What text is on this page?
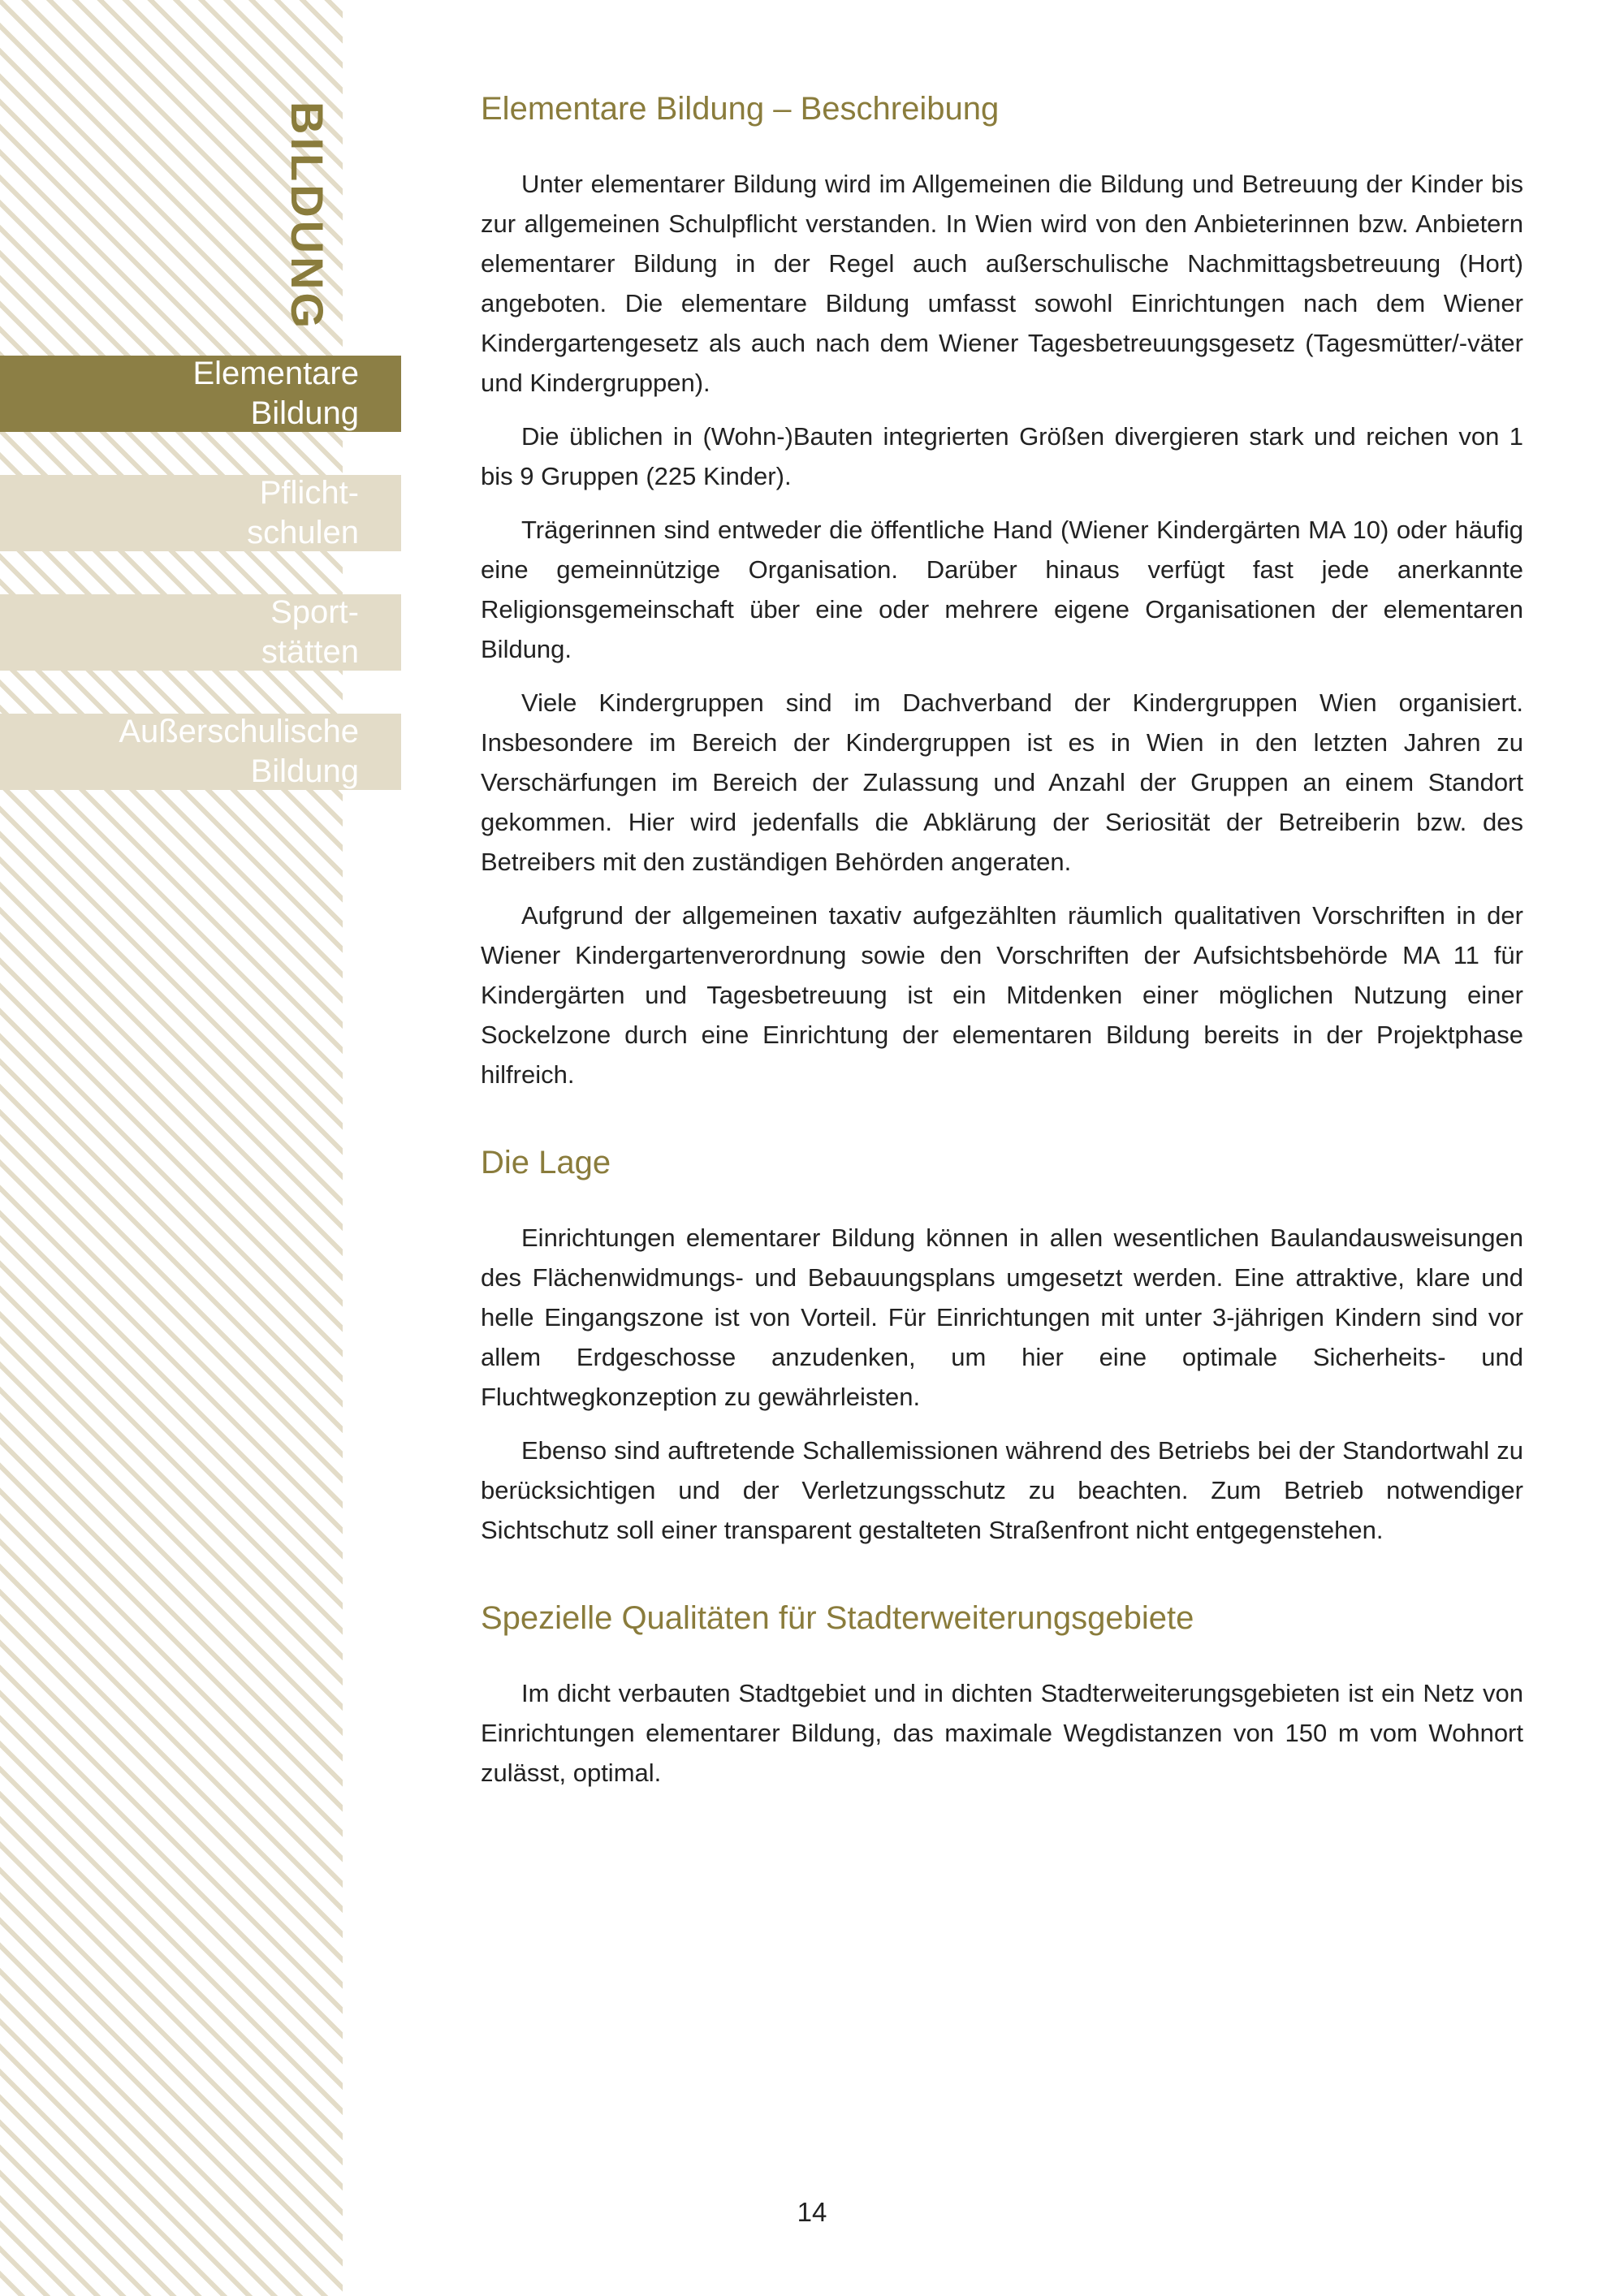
BILDUNG
Elementare
Bildung
Pflicht-
schulen
Sport-
stätten
Außerschulische
Bildung
Elementare Bildung – Beschreibung

Unter elementarer Bildung wird im Allgemeinen die Bildung und Betreuung der Kinder bis zur allgemeinen Schulpflicht verstanden. In Wien wird von den Anbieterinnen bzw. Anbietern elementarer Bildung in der Regel auch außerschulische Nachmittagsbetreuung (Hort) angeboten. Die elementare Bildung umfasst sowohl Einrichtungen nach dem Wiener Kindergartengesetz als auch nach dem Wiener Tagesbetreuungsgesetz (Tagesmütter/-väter und Kindergruppen).

Die üblichen in (Wohn-)Bauten integrierten Größen divergieren stark und reichen von 1 bis 9 Gruppen (225 Kinder).

Trägerinnen sind entweder die öffentliche Hand (Wiener Kindergärten MA 10) oder häufig eine gemeinnützige Organisation. Darüber hinaus verfügt fast jede anerkannte Religionsgemeinschaft über eine oder mehrere eigene Organisationen der elementaren Bildung.

Viele Kindergruppen sind im Dachverband der Kindergruppen Wien organisiert. Insbesondere im Bereich der Kindergruppen ist es in Wien in den letzten Jahren zu Verschärfungen im Bereich der Zulassung und Anzahl der Gruppen an einem Standort gekommen. Hier wird jedenfalls die Abklärung der Seriosität der Betreiberin bzw. des Betreibers mit den zuständigen Behörden angeraten.

Aufgrund der allgemeinen taxativ aufgezählten räumlich qualitativen Vorschriften in der Wiener Kindergartenverordnung sowie den Vorschriften der Aufsichtsbehörde MA 11 für Kindergärten und Tagesbetreuung ist ein Mitdenken einer möglichen Nutzung einer Sockelzone durch eine Einrichtung der elementaren Bildung bereits in der Projektphase hilfreich.

Die Lage

Einrichtungen elementarer Bildung können in allen wesentlichen Baulandausweisungen des Flächenwidmungs- und Bebauungsplans umgesetzt werden. Eine attraktive, klare und helle Eingangszone ist von Vorteil. Für Einrichtungen mit unter 3-jährigen Kindern sind vor allem Erdgeschosse anzudenken, um hier eine optimale Sicherheits- und Fluchtwegkonzeption zu gewährleisten.

Ebenso sind auftretende Schallemissionen während des Betriebs bei der Standortwahl zu berücksichtigen und der Verletzungsschutz zu beachten. Zum Betrieb notwendiger Sichtschutz soll einer transparent gestalteten Straßenfront nicht entgegenstehen.

Spezielle Qualitäten für Stadterweiterungsgebiete

Im dicht verbauten Stadtgebiet und in dichten Stadterweiterungsgebieten ist ein Netz von Einrichtungen elementarer Bildung, das maximale Wegdistanzen von 150 m vom Wohnort zulässt, optimal.

14
